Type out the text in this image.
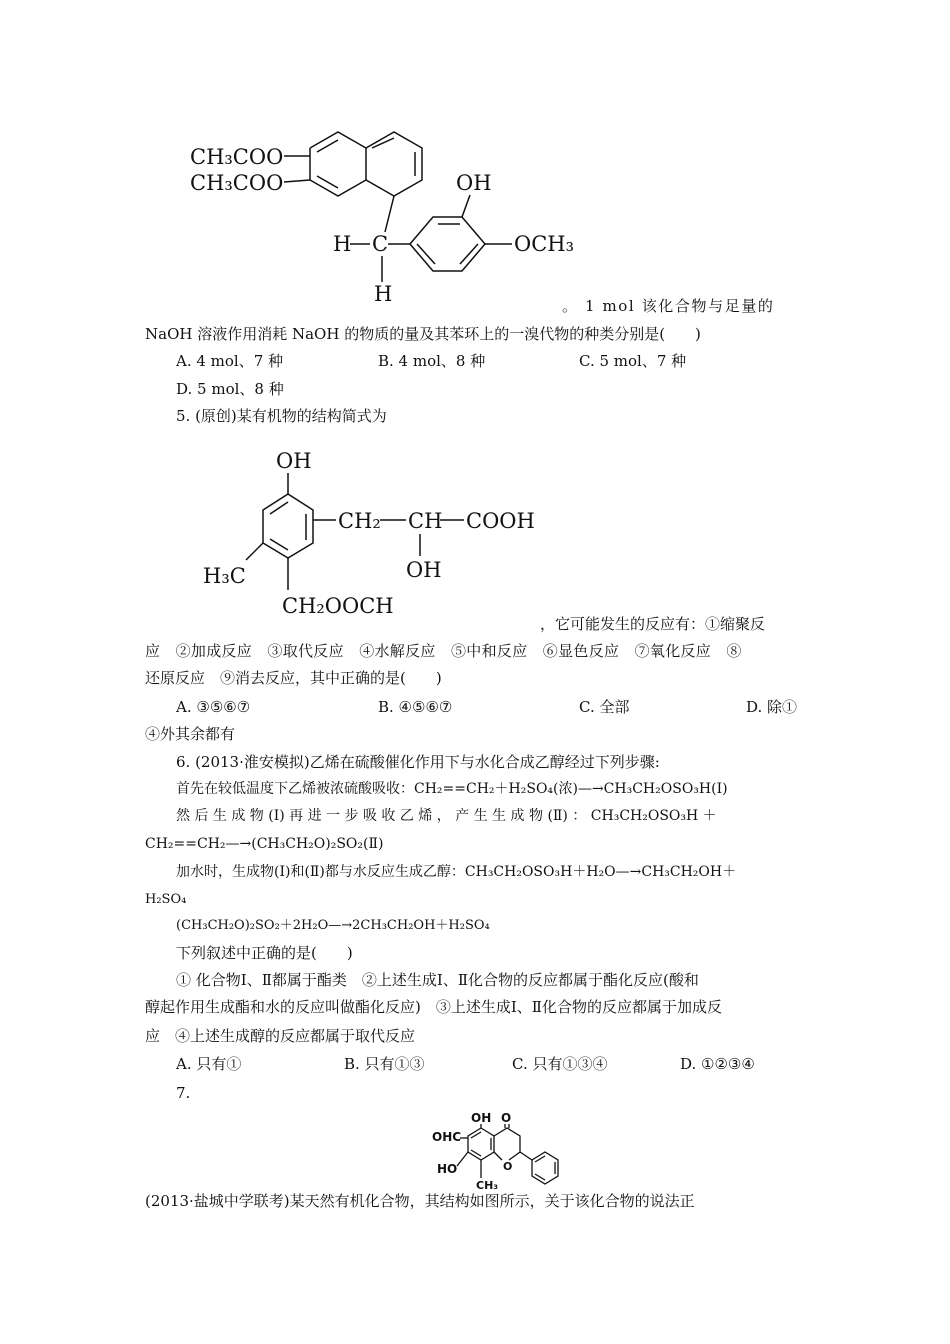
CH₃COO
CH₃COO
H C
H
OH
OCH₃
。 1 mol 该化合物与足量的
NaOH 溶液作用消耗 NaOH 的物质的量及其苯环上的一溴代物的种类分别是(　　)
A. 4 mol、7 种	B. 4 mol、8 种	C. 5 mol、7 种
D. 5 mol、8 种
5. (原创)某有机物的结构简式为
OH
CH₂ CH COOH
OH
H₃C
CH₂OOCH
，它可能发生的反应有：①缩聚反
应　②加成反应　③取代反应　④水解反应　⑤中和反应　⑥显色反应　⑦氧化反应　⑧
还原反应　⑨消去反应，其中正确的是(　　)
A. ③⑤⑥⑦	B. ④⑤⑥⑦	C. 全部	D. 除①
④外其余都有
6. (2013·淮安模拟)乙烯在硫酸催化作用下与水化合成乙醇经过下列步骤:
首先在较低温度下乙烯被浓硫酸吸收：CH₂==CH₂＋H₂SO₄(浓)—→CH₃CH₂OSO₃H(Ⅰ)
然 后 生 成 物 (Ⅰ) 再 进 一 步 吸 收 乙 烯 ， 产 生 生 成 物 (Ⅱ) ： CH₃CH₂OSO₃H ＋
CH₂==CH₂—→(CH₃CH₂O)₂SO₂(Ⅱ)
加水时，生成物(Ⅰ)和(Ⅱ)都与水反应生成乙醇：CH₃CH₂OSO₃H＋H₂O—→CH₃CH₂OH＋
H₂SO₄
(CH₃CH₂O)₂SO₂＋2H₂O—→2CH₃CH₂OH＋H₂SO₄
下列叙述中正确的是(　　)
① 化合物Ⅰ、Ⅱ都属于酯类　②上述生成Ⅰ、Ⅱ化合物的反应都属于酯化反应(酸和
醇起作用生成酯和水的反应叫做酯化反应)　③上述生成Ⅰ、Ⅱ化合物的反应都属于加成反
应　④上述生成醇的反应都属于取代反应
A. 只有①	B. 只有①③	C. 只有①③④	D. ①②③④
7.
OH O
OHC
HO	O
CH₃
(2013·盐城中学联考)某天然有机化合物，其结构如图所示，关于该化合物的说法正
